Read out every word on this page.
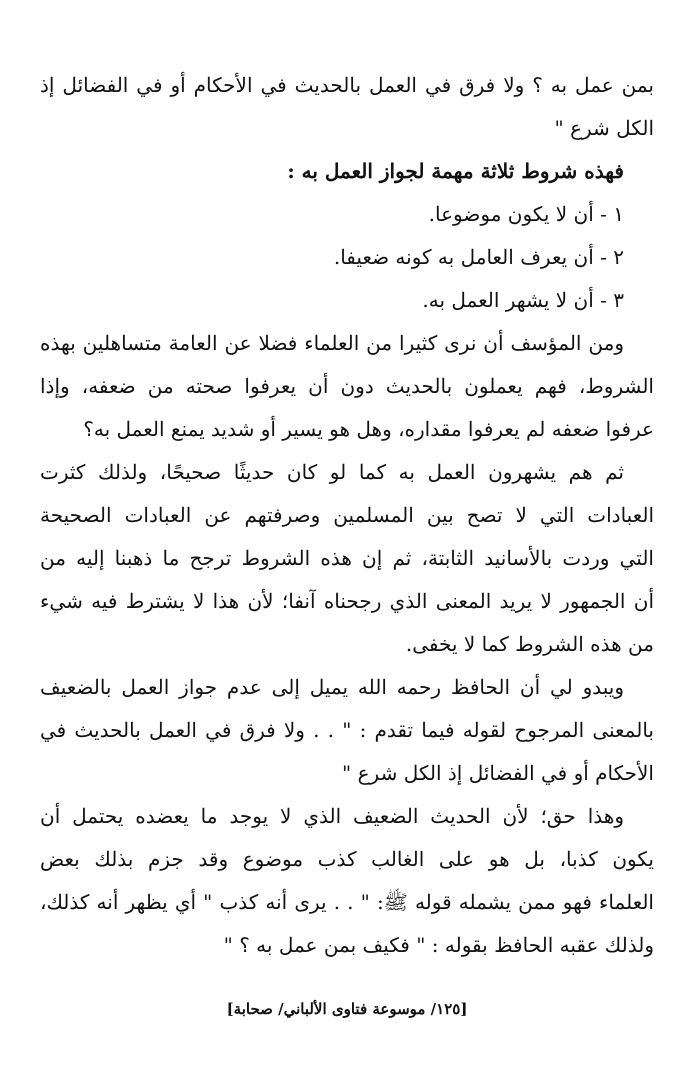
بمن عمل به ؟ ولا فرق في العمل بالحديث في الأحكام أو في الفضائل إذ
الكل شرع "
فهذه شروط ثلاثة مهمة لجواز العمل به :
١ - أن لا يكون موضوعا.
٢ - أن يعرف العامل به كونه ضعيفا.
٣ - أن لا يشهر العمل به.
ومن المؤسف أن نرى كثيرا من العلماء فضلا عن العامة متساهلين بهذه
الشروط، فهم يعملون بالحديث دون أن يعرفوا صحته من ضعفه، وإذا
عرفوا ضعفه لم يعرفوا مقداره، وهل هو يسير أو شديد يمنع العمل به؟
ثم هم يشهرون العمل به كما لو كان حديثًا صحيحًا، ولذلك كثرت
العبادات التي لا تصح بين المسلمين وصرفتهم عن العبادات الصحيحة
التي وردت بالأسانيد الثابتة، ثم إن هذه الشروط ترجح ما ذهبنا إليه من
أن الجمهور لا يريد المعنى الذي رجحناه آنفا؛ لأن هذا لا يشترط فيه شيء
من هذه الشروط كما لا يخفى.
ويبدو لي أن الحافظ رحمه الله يميل إلى عدم جواز العمل بالضعيف
بالمعنى المرجوح لقوله فيما تقدم : " . . ولا فرق في العمل بالحديث في
الأحكام أو في الفضائل إذ الكل شرع "
وهذا حق؛ لأن الحديث الضعيف الذي لا يوجد ما يعضده يحتمل أن
يكون كذبا، بل هو على الغالب كذب موضوع وقد جزم بذلك بعض
العلماء فهو ممن يشمله قوله ﷺ: " . . يرى أنه كذب " أي يظهر أنه كذلك،
ولذلك عقبه الحافظ بقوله : " فكيف بمن عمل به ؟ "
[١٢٥/ موسوعة فتاوى الألباني/ صحابة]
